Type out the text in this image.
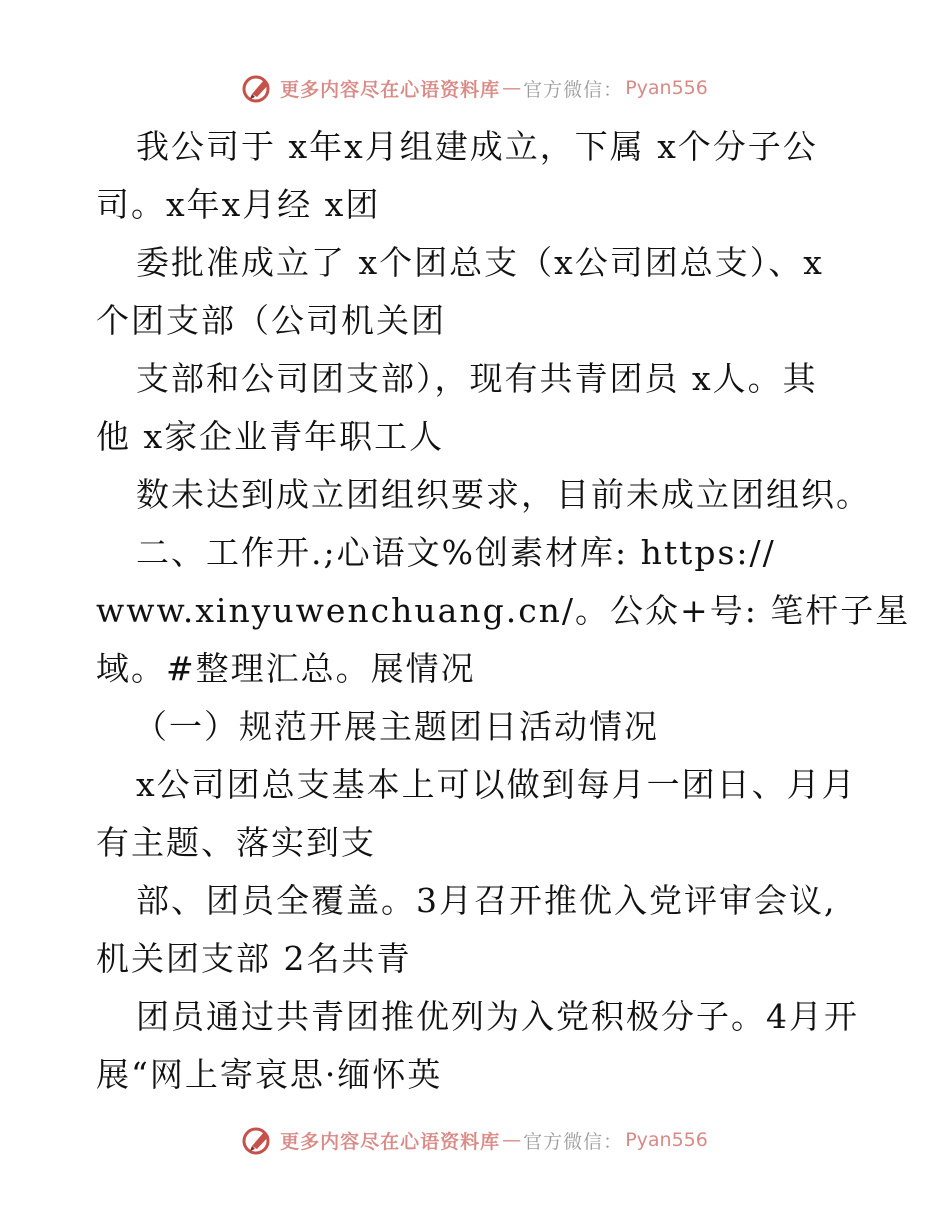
更多内容尽在心语资料库 — 官方微信： Pyan556
我公司于 x年x月组建成立，下属 x个分子公
司。x年x月经 x团
委批准成立了 x个团总支（x公司团总支）、x
个团支部（公司机关团
支部和公司团支部），现有共青团员 x人。其
他 x家企业青年职工人
数未达到成立团组织要求，目前未成立团组织。
二、工作开.;心语文%创素材库: https://
www.xinyuwenchuang.cn/。公众+号: 笔杆子星
域。#整理汇总。展情况
（一）规范开展主题团日活动情况
x公司团总支基本上可以做到每月一团日、月月
有主题、落实到支
部、团员全覆盖。3月召开推优入党评审会议,
机关团支部 2名共青
团员通过共青团推优列为入党积极分子。4月开
展“网上寄哀思·缅怀英
更多内容尽在心语资料库 — 官方微信： Pyan556
